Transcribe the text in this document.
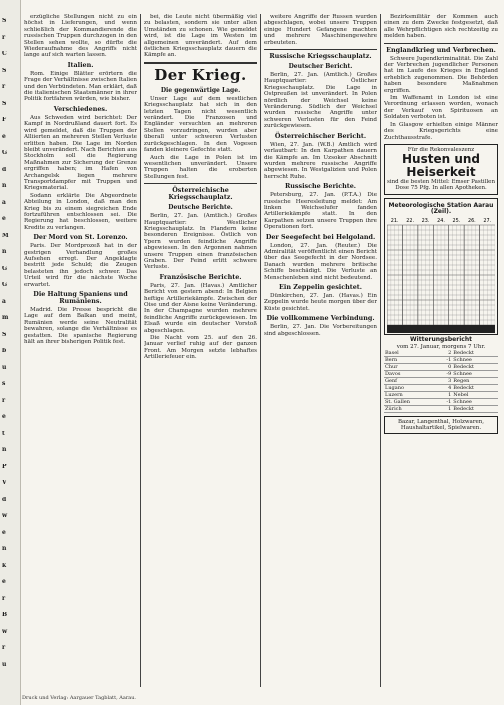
S
r
C
S
r
S
F
e
G
d
n
a
e
M
n
G
G
a
m
S
b
u
s
r
e
t
n
P
V
d
w
e
n
k
e
r
B
w
r
u

erzügliche Stellungen nicht zu ein höchst in Lieferungen, und wenn schließlich der Kommandierende die russischen Truppen durchzogen in den Stellen sehen wollte, so dürfte die Wiederaufnahme des Angriffs nicht lange auf sich warten lassen.

Italien.

Rom. Einige Blätter erörtern die Frage der Verhältnisse zwischen Italien und den Verbündeten. Man erklärt, daß die italienischen Staatsmänner in ihrer Politik fortfahren würden, wie bisher.

Verschiedenes.

Aus Schweden wird berichtet: Der Kampf in Nordrußland dauert fort. Es wird gemeldet, daß die Truppen der Alliierten an mehreren Stellen Verluste erlitten haben. Die Lage im Norden bleibt unverändert. Nach Berichten aus Stockholm soll die Regierung Maßnahmen zur Sicherung der Grenze ergriffen haben; im Hafen von Archangelsk liegen mehrere Transportdampfer mit Truppen und Kriegsmaterial.

Sodann erklärte Die Abgeordnete Abteilung in London, daß man den Krieg bis zu einem siegreichen Ende fortzuführen entschlossen sei. Die Regierung hat beschlossen, weitere Kredite zu verlangen.

Der Mord von St. Lorenzo.

Paris. Der Mordprozeß hat in der gestrigen Verhandlung großes Aufsehen erregt. Der Angeklagte bestritt jede Schuld; die Zeugen belasteten ihn jedoch schwer. Das Urteil wird für die nächste Woche erwartet.

Die Haltung Spaniens und Rumäniens.

Madrid. Die Presse bespricht die Lage auf dem Balkan und meint, Rumänien werde seine Neutralität bewahren, solange die Verhältnisse es gestatten. Die spanische Regierung hält an ihrer bisherigen Politik fest.

bei, die Leute nicht übermäßig viel zu belasten, sondern sie unter allen Umständen zu schonen. Wie gemeldet wird, ist die Lage im Westen im allgemeinen unverändert. Auf dem östlichen Kriegsschauplatz dauern die Kämpfe an.

Der Krieg.
Die gegenwärtige Lage.

Unser Lage auf dem westlichen Kriegsschauplatz hat sich in den letzten Tagen nicht wesentlich verändert. Die Franzosen und Engländer versuchten an mehreren Stellen vorzudringen, wurden aber überall unter schweren Verlusten zurückgeschlagen. In den Vogesen fanden kleinere Gefechte statt.

Auch die Lage in Polen ist im wesentlichen unverändert. Unsere Truppen halten die eroberten Stellungen fest.

Österreichische Kriegsschauplatz.
Deutsche Berichte.

Berlin, 27. Jan. (Amtlich.) Großes Hauptquartier: Westlicher Kriegsschauplatz. In Flandern keine besonderen Ereignisse. Östlich von Ypern wurden feindliche Angriffe abgewiesen. In den Argonnen nahmen unsere Truppen einen französischen Graben. Der Feind erlitt schwere Verluste.

Französische Berichte.

Paris, 27. Jan. (Havas.) Amtlicher Bericht von gestern abend: In Belgien heftige Artilleriekämpfe. Zwischen der Oise und der Aisne keine Veränderung. In der Champagne wurden mehrere feindliche Angriffe zurückgewiesen. Im Elsaß wurde ein deutscher Vorstoß abgeschlagen.

Die Nacht vom 25. auf den 26. Januar verlief ruhig auf der ganzen Front. Am Morgen setzte lebhaftes Artilleriefeuer ein.

weitere Angriffe der Russen wurden abgeschlagen, wobei unsere Truppen einige Hundert Gefangene machten und mehrere Maschinengewehre erbeuteten.

Russische Kriegsschauplatz.
Deutscher Bericht.

Berlin, 27. Jan. (Amtlich.) Großes Hauptquartier: Östlicher Kriegsschauplatz. Die Lage in Ostpreußen ist unverändert. In Polen nördlich der Weichsel keine Veränderung. Südlich der Weichsel wurden russische Angriffe unter schweren Verlusten für den Feind zurückgewiesen.

Österreichischer Bericht.

Wien, 27. Jan. (W.B.) Amtlich wird verlautbart: In den Karpathen dauern die Kämpfe an. Im Uzsoker Abschnitt wurden mehrere russische Angriffe abgewiesen. In Westgalizien und Polen herrscht Ruhe.

Russische Berichte.

Petersburg, 27. Jan. (P.T.A.) Die russische Heeresleitung meldet: Am linken Weichselufer fanden Artilleriekämpfe statt. In den Karpathen setzen unsere Truppen ihre Operationen fort.

Der Seegefecht bei Helgoland.

London, 27. Jan. (Reuter.) Die Admiralität veröffentlicht einen Bericht über das Seegefecht in der Nordsee. Danach wurden mehrere britische Schiffe beschädigt. Die Verluste an Menschenleben sind nicht bedeutend.

Ein Zeppelin gesichtet.

Dünkirchen, 27. Jan. (Havas.) Ein Zeppelin wurde heute morgen über der Küste gesichtet.

Die vollkommene Verbindung.

Berlin, 27. Jan. Die Vorbereitungen sind abgeschlossen.

Bezirksmilitär der Kommen auch einen zu dem Zwecke festgesetzt, daß alle Wehrpflichtigen sich rechtzeitig zu melden haben.

Englandkrieg und Verbrechen.

Schwere Jugendkriminalität. Die Zahl der Verbrechen jugendlicher Personen hat im Laufe des Krieges in England erheblich zugenommen. Die Behörden haben besondere Maßnahmen ergriffen.

Im Waffenamt in London ist eine Verordnung erlassen worden, wonach der Verkauf von Spirituosen an Soldaten verboten ist.

In Glasgow erhielten einige Männer des Kriegsgerichts eine Zuchthausstrafe.

Für die Rekonvaleszenz
Husten und Heiserkeit
sind die besten Mittel: Emser Pastillen
Dose 75 Pfg. In allen Apotheken.
Meteorologische Station Aarau (Zeil).
21. 22. 23. 24. 25. 26. 27.
Witterungsbericht
vom 27. Januar, morgens 7 Uhr.
Basel	2	Bedeckt
Bern	-1	Schnee
Chur	0	Bedeckt
Davos	-9	Schnee
Genf	3	Regen
Lugano	4	Bedeckt
Luzern	1	Nebel
St. Gallen	-1	Schnee
Zürich	1	Bedeckt
Bazar, Langenthal, Holzwaren, Haushaltartikel, Spielwaren.
Druck und Verlag: Aargauer Tagblatt, Aarau.
